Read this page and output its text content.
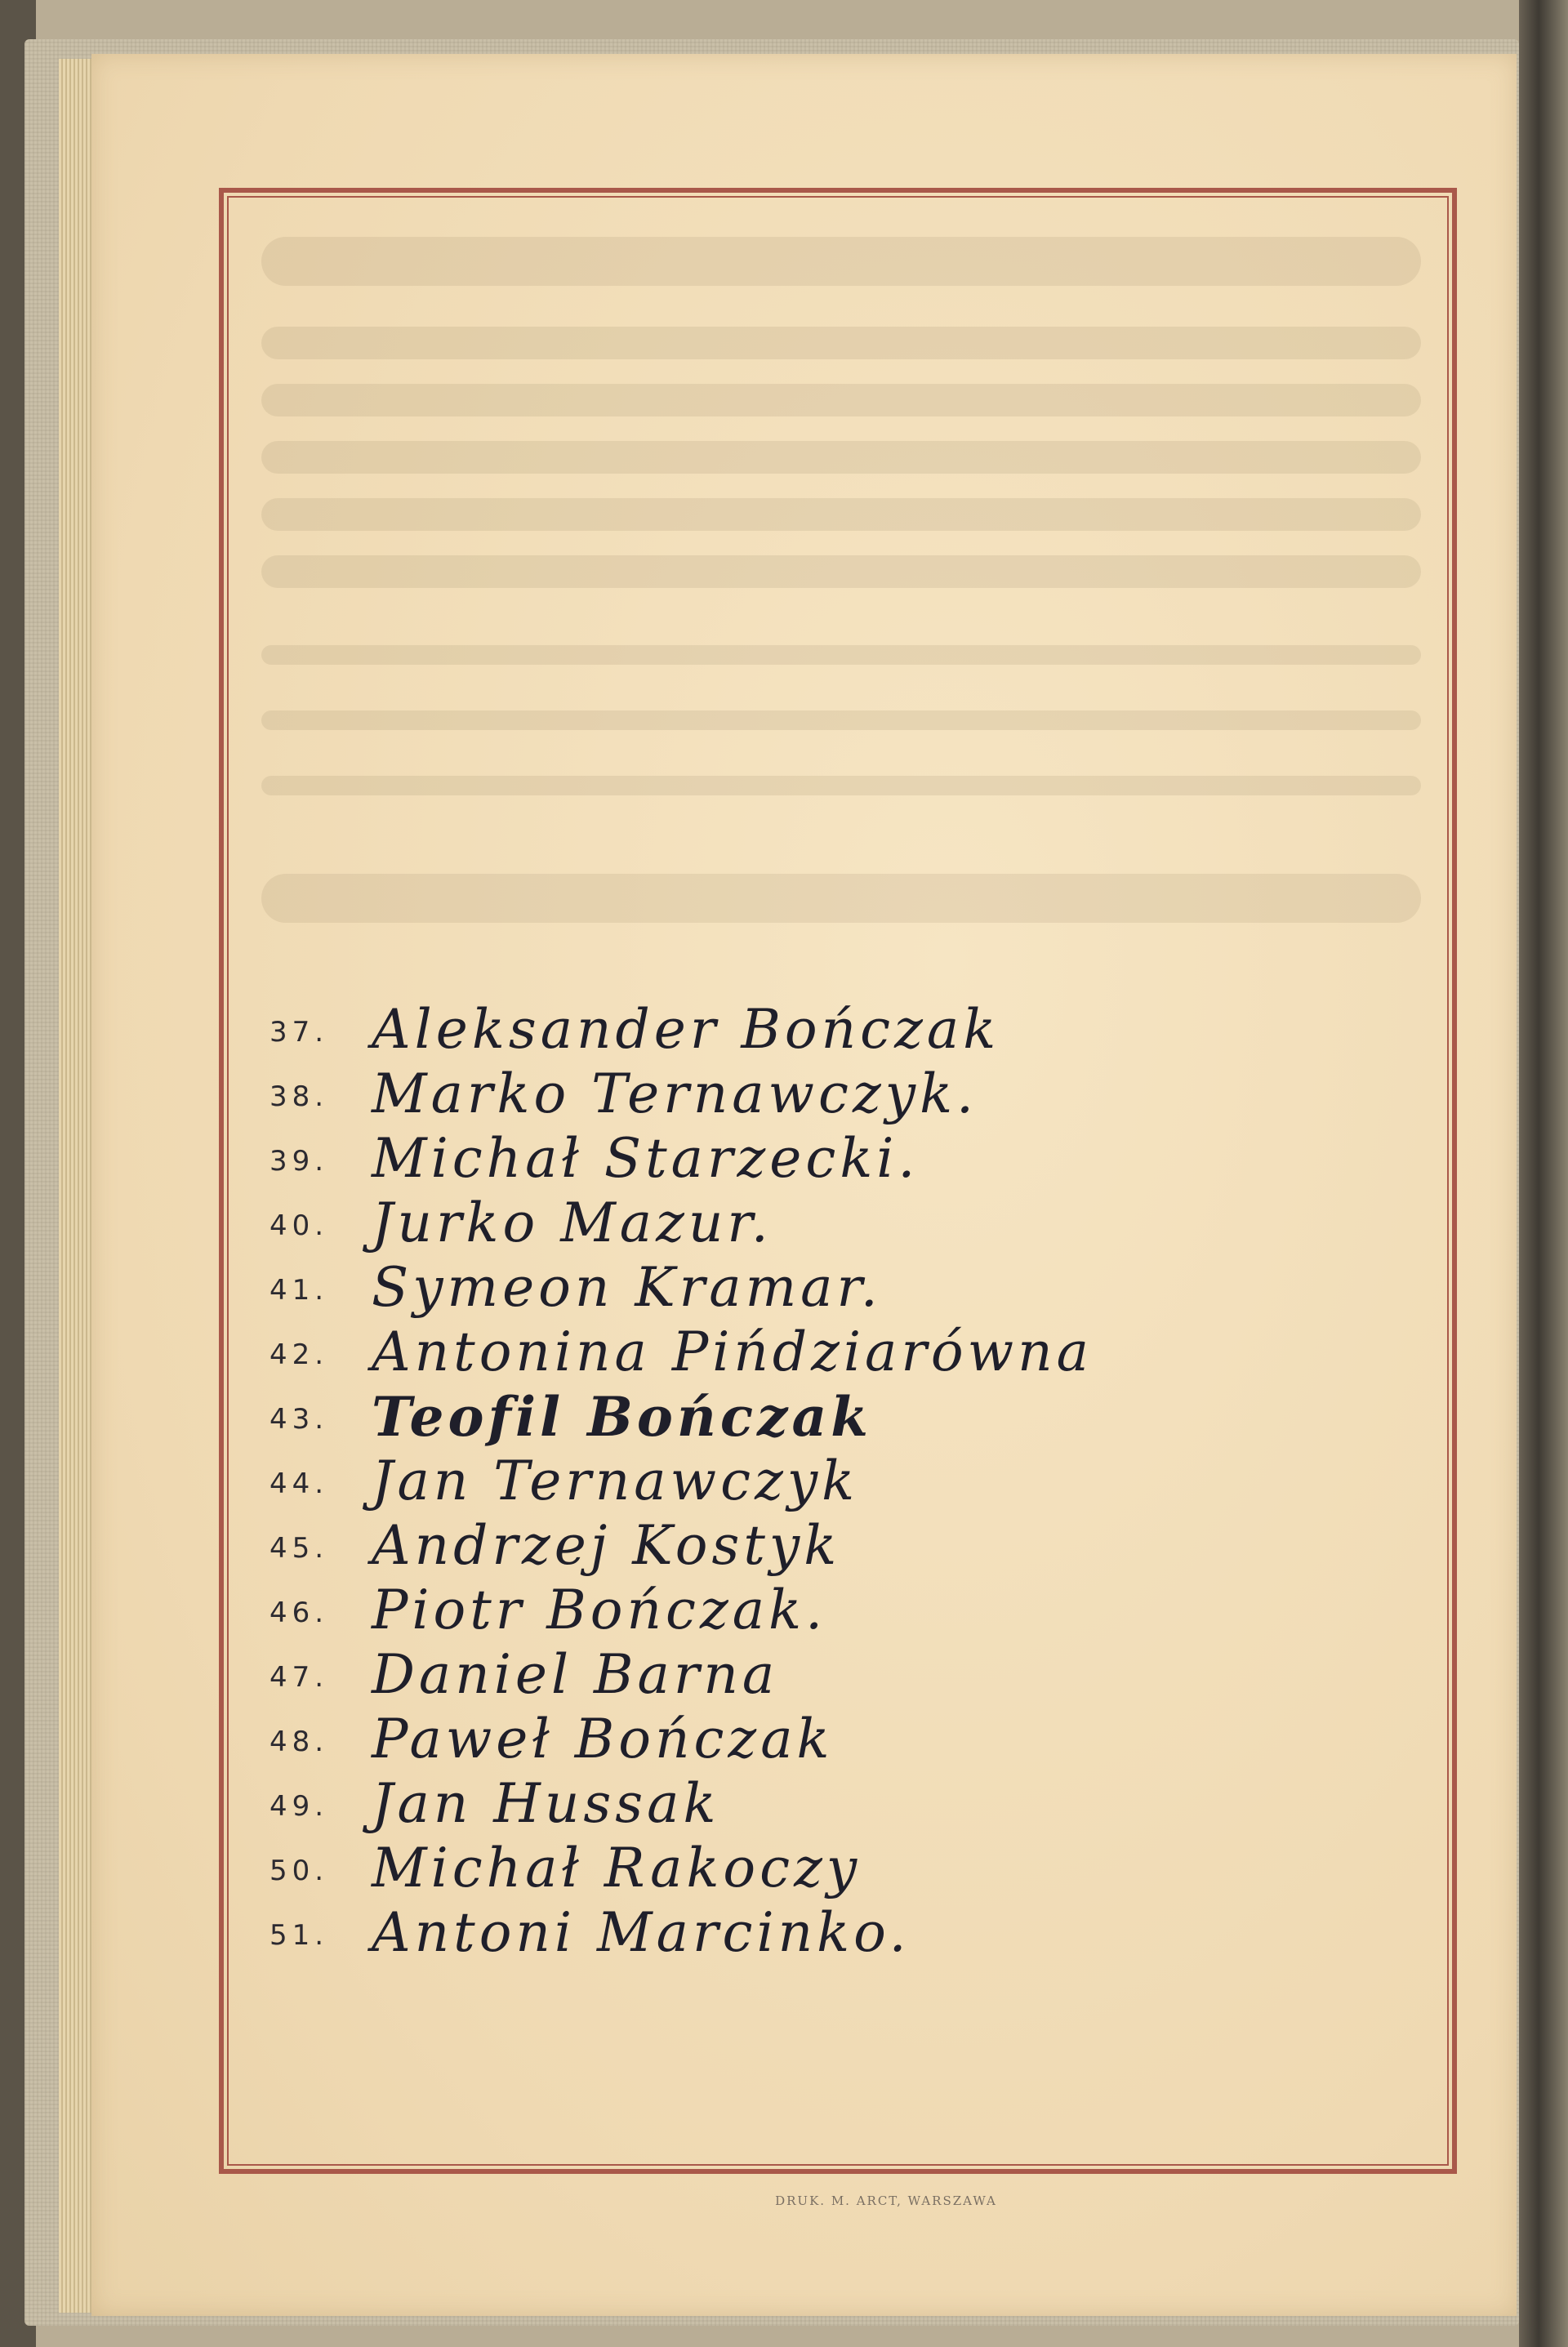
37. Aleksander Bończak
38. Marko Ternawczyk.
39. Michał Starzecki.
40. Jurko Mazur.
41. Symeon Kramar.
42. Antonina Pińdziarówna
43. Teofil Bończak
44. Jan Ternawczyk
45. Andrzej Kostyk
46. Piotr Bończak.
47. Daniel Barna
48. Paweł Bończak
49. Jan Hussak
50. Michał Rakoczy
51. Antoni Marcinko.
DRUK. M. ARCT, WARSZAWA
